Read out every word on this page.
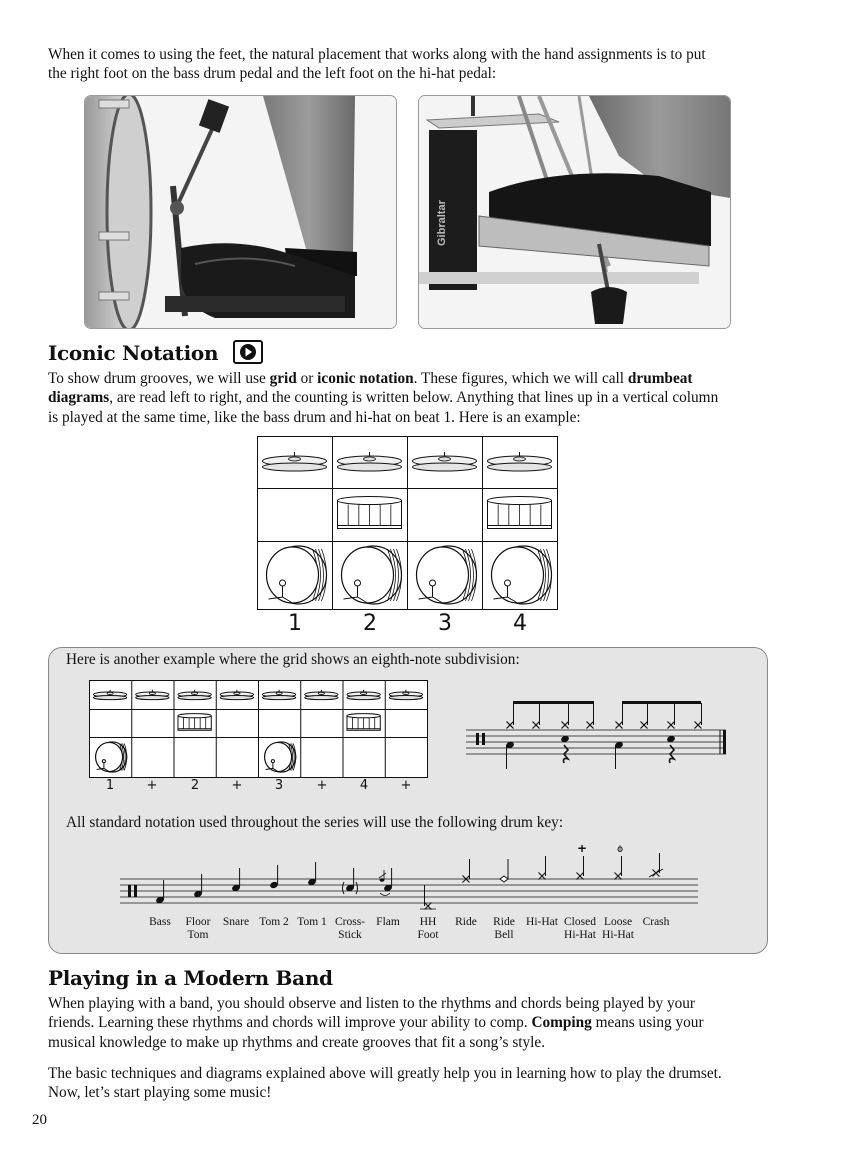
When it comes to using the feet, the natural placement that works along with the hand assignments is to put
the right foot on the bass drum pedal and the left foot on the hi-hat pedal:

Gibraltar
Iconic Notation

To show drum grooves, we will use grid or iconic notation. These figures, which we will call drumbeat
diagrams, are read left to right, and the counting is written below. Anything that lines up in a vertical column
is played at the same time, like the bass drum and hi-hat on beat 1. Here is an example:

1	2	3	4

Here is another example where the grid shows an eighth-note subdivision:

1	+	2	+	3	+	4	+

All standard notation used throughout the series will use the following drum key:

+	o
Bass	Floor
Tom
Snare Tom 2 Tom 1 Cross-
Stick
Flam	HH
Foot
Ride	Ride
Bell
Hi-Hat Closed
Hi-Hat
Loose
Hi-Hat
Crash
Playing in a Modern Band

When playing with a band, you should observe and listen to the rhythms and chords being played by your
friends. Learning these rhythms and chords will improve your ability to comp. Comping means using your
musical knowledge to make up rhythms and create grooves that fit a song’s style.

The basic techniques and diagrams explained above will greatly help you in learning how to play the drumset.
Now, let’s start playing some music!

20
